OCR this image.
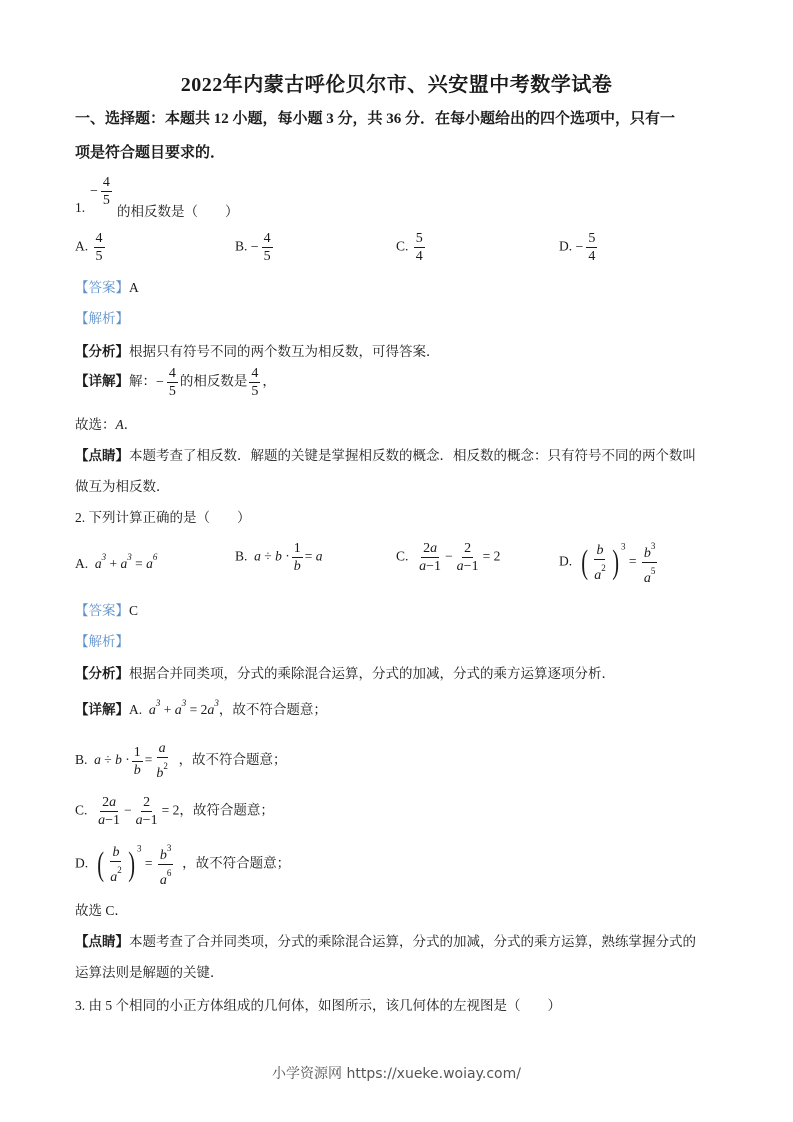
2022年内蒙古呼伦贝尔市、兴安盟中考数学试卷
一、选择题：本题共 12 小题，每小题 3 分，共 36 分．在每小题给出的四个选项中，只有一
项是符合题目要求的．
1.
− $\frac{4}{5}$
的相反数是（　　）
A. $\frac{4}{5}$	B. − $\frac{4}{5}$	C. $\frac{5}{4}$	D. − $\frac{5}{4}$
【答案】A
【解析】
【分析】根据只有符号不同的两个数互为相反数，可得答案．
【详解】解：− $\frac{4}{5}$ 的相反数是 $\frac{4}{5}$ ，
故选：A．
【点睛】本题考查了相反数．解题的关键是掌握相反数的概念．相反数的概念：只有符号不同的两个数叫
做互为相反数．
2. 下列计算正确的是（　　）
A. $a^3 + a^3 = a^6$	B. $a \div b \cdot \frac{1}{b} = a$	C. $\frac{2a}{a-1} - \frac{2}{a-1} = 2$	D. ( $\frac{b}{a^2}$ ) $^3 = \frac{b^3}{a^5}$
【答案】C
【解析】
【分析】根据合并同类项，分式的乘除混合运算，分式的加减，分式的乘方运算逐项分析．
【详解】A. $a^3 + a^3 = 2a^3$，故不符合题意；
B. $a \div b \cdot \frac{1}{b} = \frac{a}{b^2}$ ，故不符合题意；
C. $\frac{2a}{a-1} - \frac{2}{a-1} = 2$，故符合题意；
D. ( $\frac{b}{a^2}$ ) $^3 = \frac{b^3}{a^6}$ ，故不符合题意；
故选 C．
【点睛】本题考查了合并同类项，分式的乘除混合运算，分式的加减，分式的乘方运算，熟练掌握分式的
运算法则是解题的关键．
3. 由 5 个相同的小正方体组成的几何体，如图所示，该几何体的左视图是（　　）
小学资源网 https://xueke.woiay.com/
